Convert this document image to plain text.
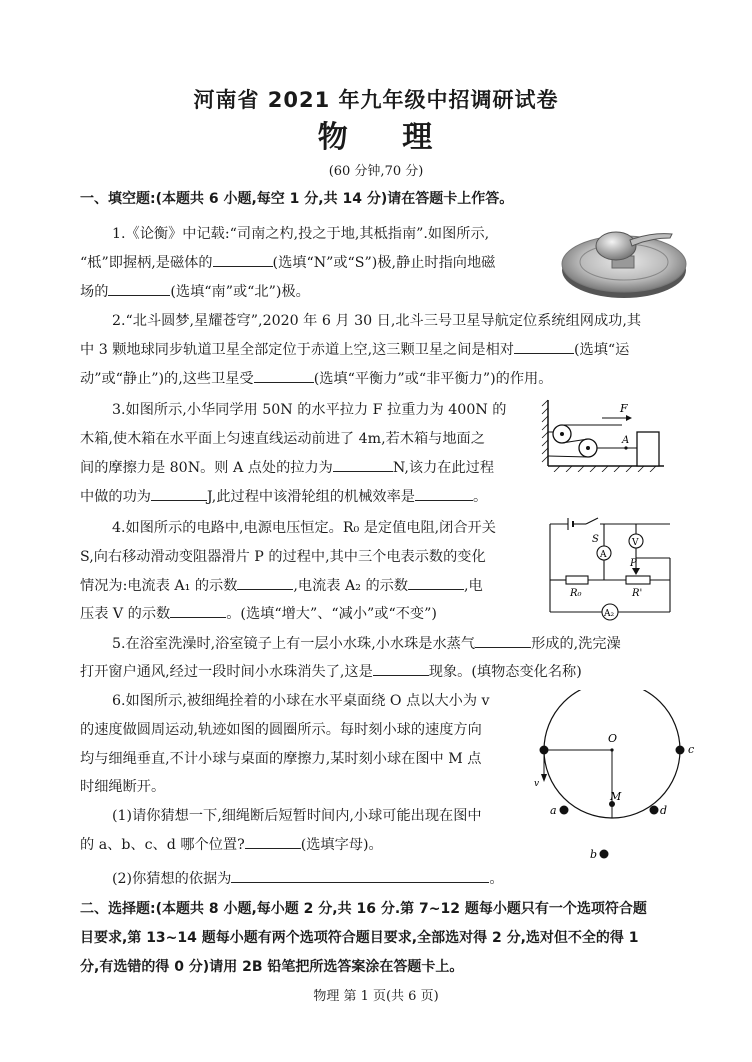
河南省 2021 年九年级中招调研试卷
物 理
(60 分钟,70 分)
一、填空题:(本题共 6 小题,每空 1 分,共 14 分)请在答题卡上作答。
1.《论衡》中记载:“司南之杓,投之于地,其柢指南”.如图所示,
“柢”即握柄,是磁体的	(选填“N”或“S”)极,静止时指向地磁
场的	(选填“南”或“北”)极。
2.“北斗圆梦,星耀苍穹”,2020 年 6 月 30 日,北斗三号卫星导航定位系统组网成功,其
中 3 颗地球同步轨道卫星全部定位于赤道上空,这三颗卫星之间是相对	(选填“运
动”或“静止”)的,这些卫星受	(选填“平衡力”或“非平衡力”)的作用。
3.如图所示,小华同学用 50N 的水平拉力 F 拉重力为 400N 的
木箱,使木箱在水平面上匀速直线运动前进了 4m,若木箱与地面之
间的摩擦力是 80N。则 A 点处的拉力为	N,该力在此过程
中做的功为	J,此过程中该滑轮组的机械效率是	。
F
A
4.如图所示的电路中,电源电压恒定。R₀ 是定值电阻,闭合开关
S,向右移动滑动变阻器滑片 P 的过程中,其中三个电表示数的变化
情况为:电流表 A₁ 的示数	,电流表 A₂ 的示数	,电
压表 V 的示数	。(选填“增大”、“减小”或“不变”)
A
V
A₂
S
P
R₀	R'
5.在浴室洗澡时,浴室镜子上有一层小水珠,小水珠是水蒸气	形成的,洗完澡
打开窗户通风,经过一段时间小水珠消失了,这是	现象。(填物态变化名称)
6.如图所示,被细绳拴着的小球在水平桌面绕 O 点以大小为 v
的速度做圆周运动,轨迹如图的圆圈所示。每时刻小球的速度方向
均与细绳垂直,不计小球与桌面的摩擦力,某时刻小球在图中 M 点
时细绳断开。
(1)请你猜想一下,细绳断后短暂时间内,小球可能出现在图中
的 a、b、c、d 哪个位置?	(选填字母)。
(2)你猜想的依据为	。
O
M
a
b
c
d
v
二、选择题:(本题共 8 小题,每小题 2 分,共 16 分.第 7~12 题每小题只有一个选项符合题
目要求,第 13~14 题每小题有两个选项符合题目要求,全部选对得 2 分,选对但不全的得 1
分,有选错的得 0 分)请用 2B 铅笔把所选答案涂在答题卡上。
物理 第 1 页(共 6 页)
